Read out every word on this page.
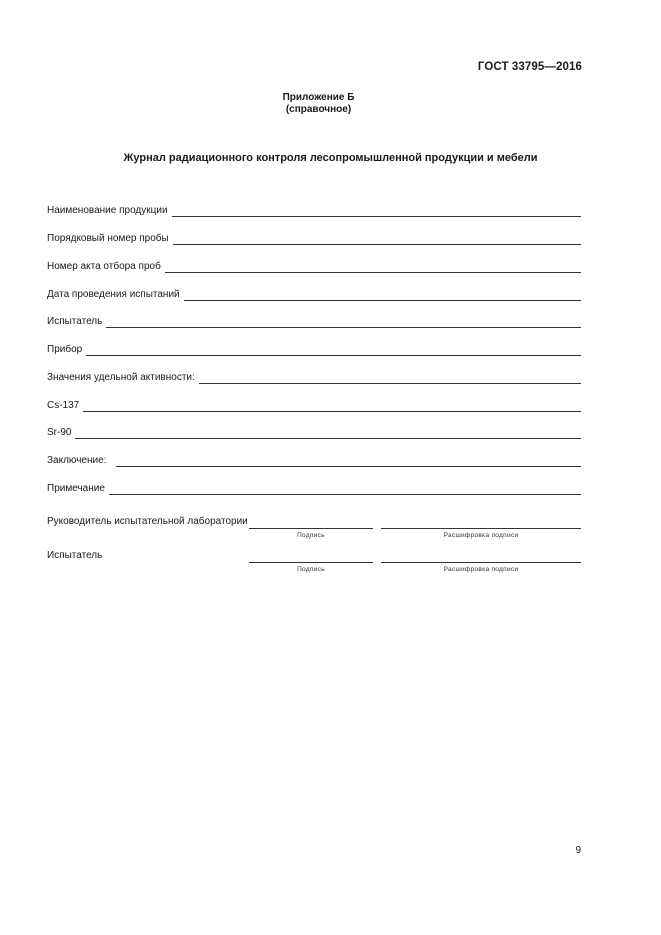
ГОСТ 33795—2016
Приложение Б
(справочное)
Журнал радиационного контроля лесопромышленной продукции и мебели
Наименование продукции
Порядковый номер пробы
Номер акта отбора проб
Дата проведения испытаний
Испытатель
Прибор
Значения удельной активности:
Cs-137
Sr-90
Заключение:
Примечание
Руководитель испытательной лаборатории
Подпись	Расшифровка подписи
Испытатель
Подпись	Расшифровка подписи
9
